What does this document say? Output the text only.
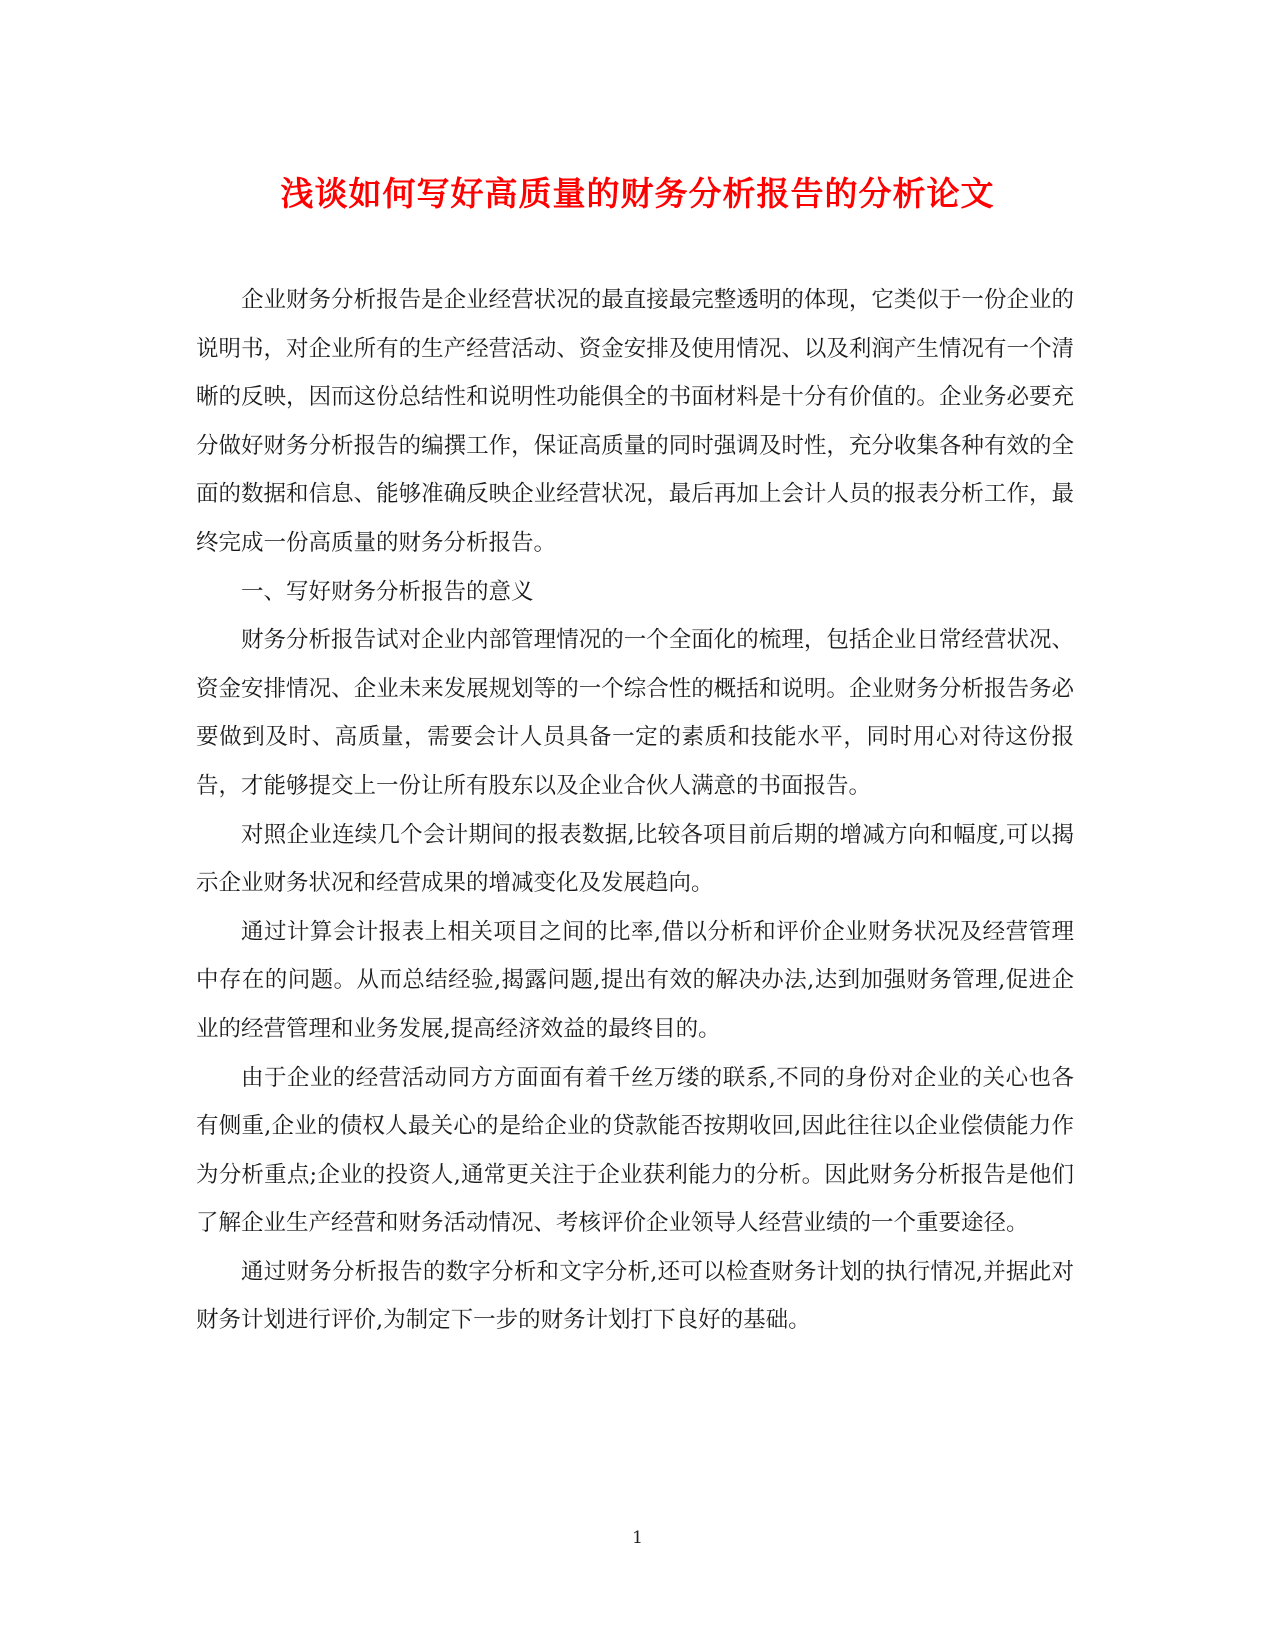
浅谈如何写好高质量的财务分析报告的分析论文

企业财务分析报告是企业经营状况的最直接最完整透明的体现，它类似于一份企业的说明书，对企业所有的生产经营活动、资金安排及使用情况、以及利润产生情况有一个清晰的反映，因而这份总结性和说明性功能俱全的书面材料是十分有价值的。企业务必要充分做好财务分析报告的编撰工作，保证高质量的同时强调及时性，充分收集各种有效的全面的数据和信息、能够准确反映企业经营状况，最后再加上会计人员的报表分析工作，最终完成一份高质量的财务分析报告。

一、写好财务分析报告的意义

财务分析报告试对企业内部管理情况的一个全面化的梳理，包括企业日常经营状况、资金安排情况、企业未来发展规划等的一个综合性的概括和说明。企业财务分析报告务必要做到及时、高质量，需要会计人员具备一定的素质和技能水平，同时用心对待这份报告，才能够提交上一份让所有股东以及企业合伙人满意的书面报告。

对照企业连续几个会计期间的报表数据,比较各项目前后期的增减方向和幅度,可以揭示企业财务状况和经营成果的增减变化及发展趋向。

通过计算会计报表上相关项目之间的比率,借以分析和评价企业财务状况及经营管理中存在的问题。从而总结经验,揭露问题,提出有效的解决办法,达到加强财务管理,促进企业的经营管理和业务发展,提高经济效益的最终目的。

由于企业的经营活动同方方面面有着千丝万缕的联系,不同的身份对企业的关心也各有侧重,企业的债权人最关心的是给企业的贷款能否按期收回,因此往往以企业偿债能力作为分析重点;企业的投资人,通常更关注于企业获利能力的分析。因此财务分析报告是他们了解企业生产经营和财务活动情况、考核评价企业领导人经营业绩的一个重要途径。

通过财务分析报告的数字分析和文字分析,还可以检查财务计划的执行情况,并据此对财务计划进行评价,为制定下一步的财务计划打下良好的基础。

1
